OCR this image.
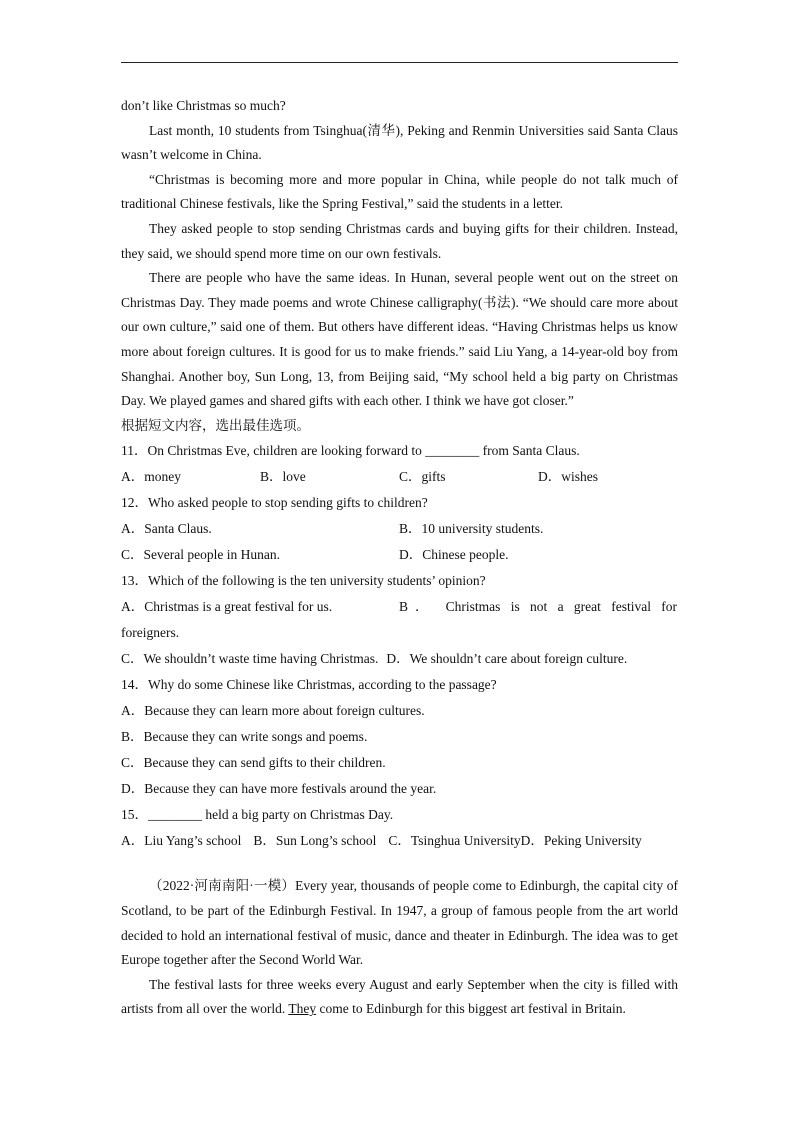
don’t like Christmas so much?

Last month, 10 students from Tsinghua(清华), Peking and Renmin Universities said Santa Claus wasn’t welcome in China.

“Christmas is becoming more and more popular in China, while people do not talk much of traditional Chinese festivals, like the Spring Festival,” said the students in a letter.

They asked people to stop sending Christmas cards and buying gifts for their children. Instead, they said, we should spend more time on our own festivals.

There are people who have the same ideas. In Hunan, several people went out on the street on Christmas Day. They made poems and wrote Chinese calligraphy(书法). “We should care more about our own culture,” said one of them. But others have different ideas. “Having Christmas helps us know more about foreign cultures. It is good for us to make friends.” said Liu Yang, a 14-year-old boy from Shanghai. Another boy, Sun Long, 13, from Beijing said, “My school held a big party on Christmas Day. We played games and shared gifts with each other. I think we have got closer.”

根据短文内容，选出最佳选项。

11．On Christmas Eve, children are looking forward to ________ from Santa Claus.

A．money	B．love	C．gifts	D．wishes

12．Who asked people to stop sending gifts to children?

A．Santa Claus.	B．10 university students.
C．Several people in Hunan.	D．Chinese people.

13．Which of the following is the ten university students’ opinion?

A．Christmas is a great festival for us.	B． Christmas is not a great festival for

foreigners.

C．We shouldn’t waste time having Christmas. D．We shouldn’t care about foreign culture.

14．Why do some Chinese like Christmas, according to the passage?

A．Because they can learn more about foreign cultures.

B．Because they can write songs and poems.

C．Because they can send gifts to their children.

D．Because they can have more festivals around the year.

15．________ held a big party on Christmas Day.

A．Liu Yang’s school B．Sun Long’s school C．Tsinghua University D．Peking University

（2022·河南南阳·一模）Every year, thousands of people come to Edinburgh, the capital city of Scotland, to be part of the Edinburgh Festival. In 1947, a group of famous people from the art world decided to hold an international festival of music, dance and theater in Edinburgh. The idea was to get Europe together after the Second World War.

The festival lasts for three weeks every August and early September when the city is filled with artists from all over the world. They come to Edinburgh for this biggest art festival in Britain.
